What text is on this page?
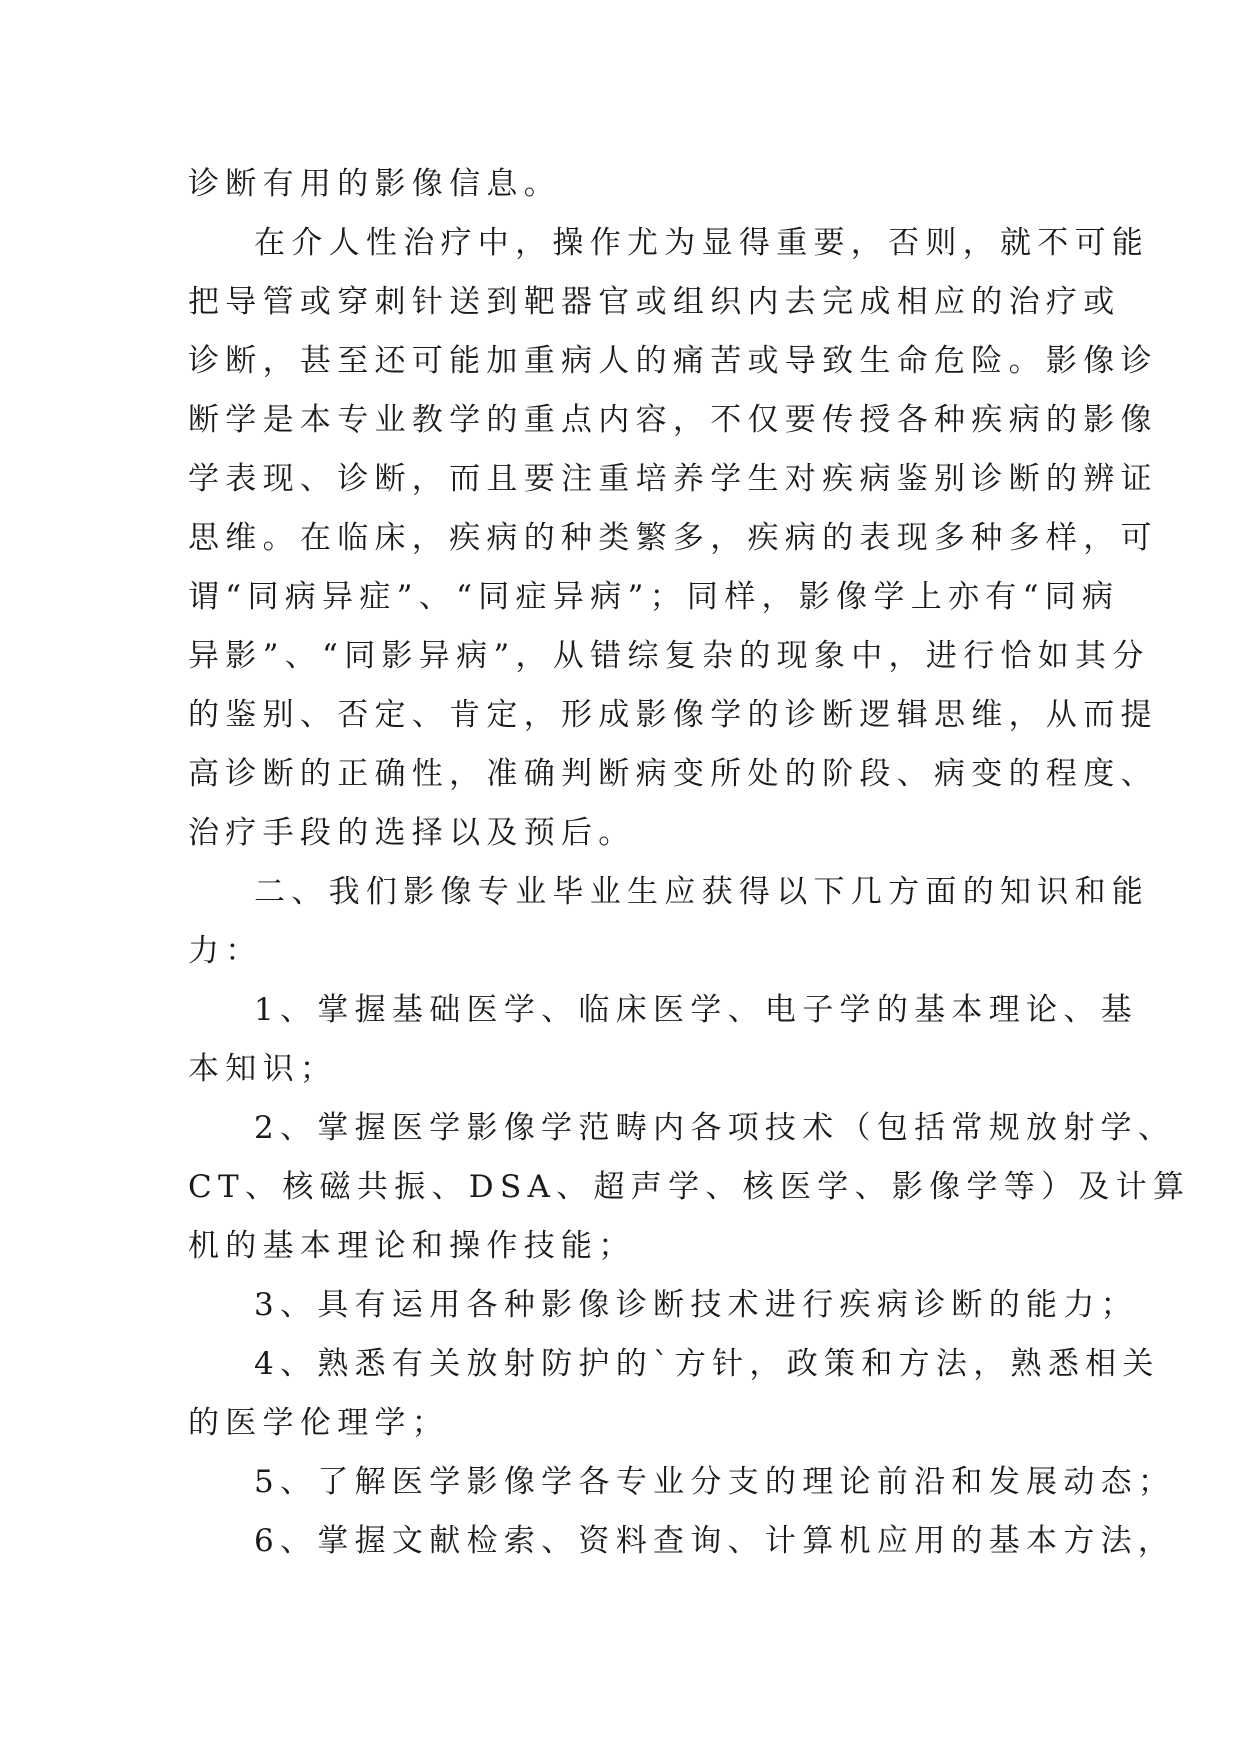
诊断有用的影像信息。
在介人性治疗中，操作尤为显得重要，否则，就不可能
把导管或穿刺针送到靶器官或组织内去完成相应的治疗或
诊断，甚至还可能加重病人的痛苦或导致生命危险。影像诊
断学是本专业教学的重点内容，不仅要传授各种疾病的影像
学表现、诊断，而且要注重培养学生对疾病鉴别诊断的辨证
思维。在临床，疾病的种类繁多，疾病的表现多种多样，可
谓“同病异症”、“同症异病”；同样，影像学上亦有“同病
异影”、“同影异病”，从错综复杂的现象中，进行恰如其分
的鉴别、否定、肯定，形成影像学的诊断逻辑思维，从而提
高诊断的正确性，准确判断病变所处的阶段、病变的程度、
治疗手段的选择以及预后。
二、我们影像专业毕业生应获得以下几方面的知识和能
力：
1、掌握基础医学、临床医学、电子学的基本理论、基
本知识；
2、掌握医学影像学范畴内各项技术（包括常规放射学、
CT、核磁共振、DSA、超声学、核医学、影像学等）及计算
机的基本理论和操作技能；
3、具有运用各种影像诊断技术进行疾病诊断的能力；
4、熟悉有关放射防护的`方针，政策和方法，熟悉相关
的医学伦理学；
5、了解医学影像学各专业分支的理论前沿和发展动态；
6、掌握文献检索、资料查询、计算机应用的基本方法，
